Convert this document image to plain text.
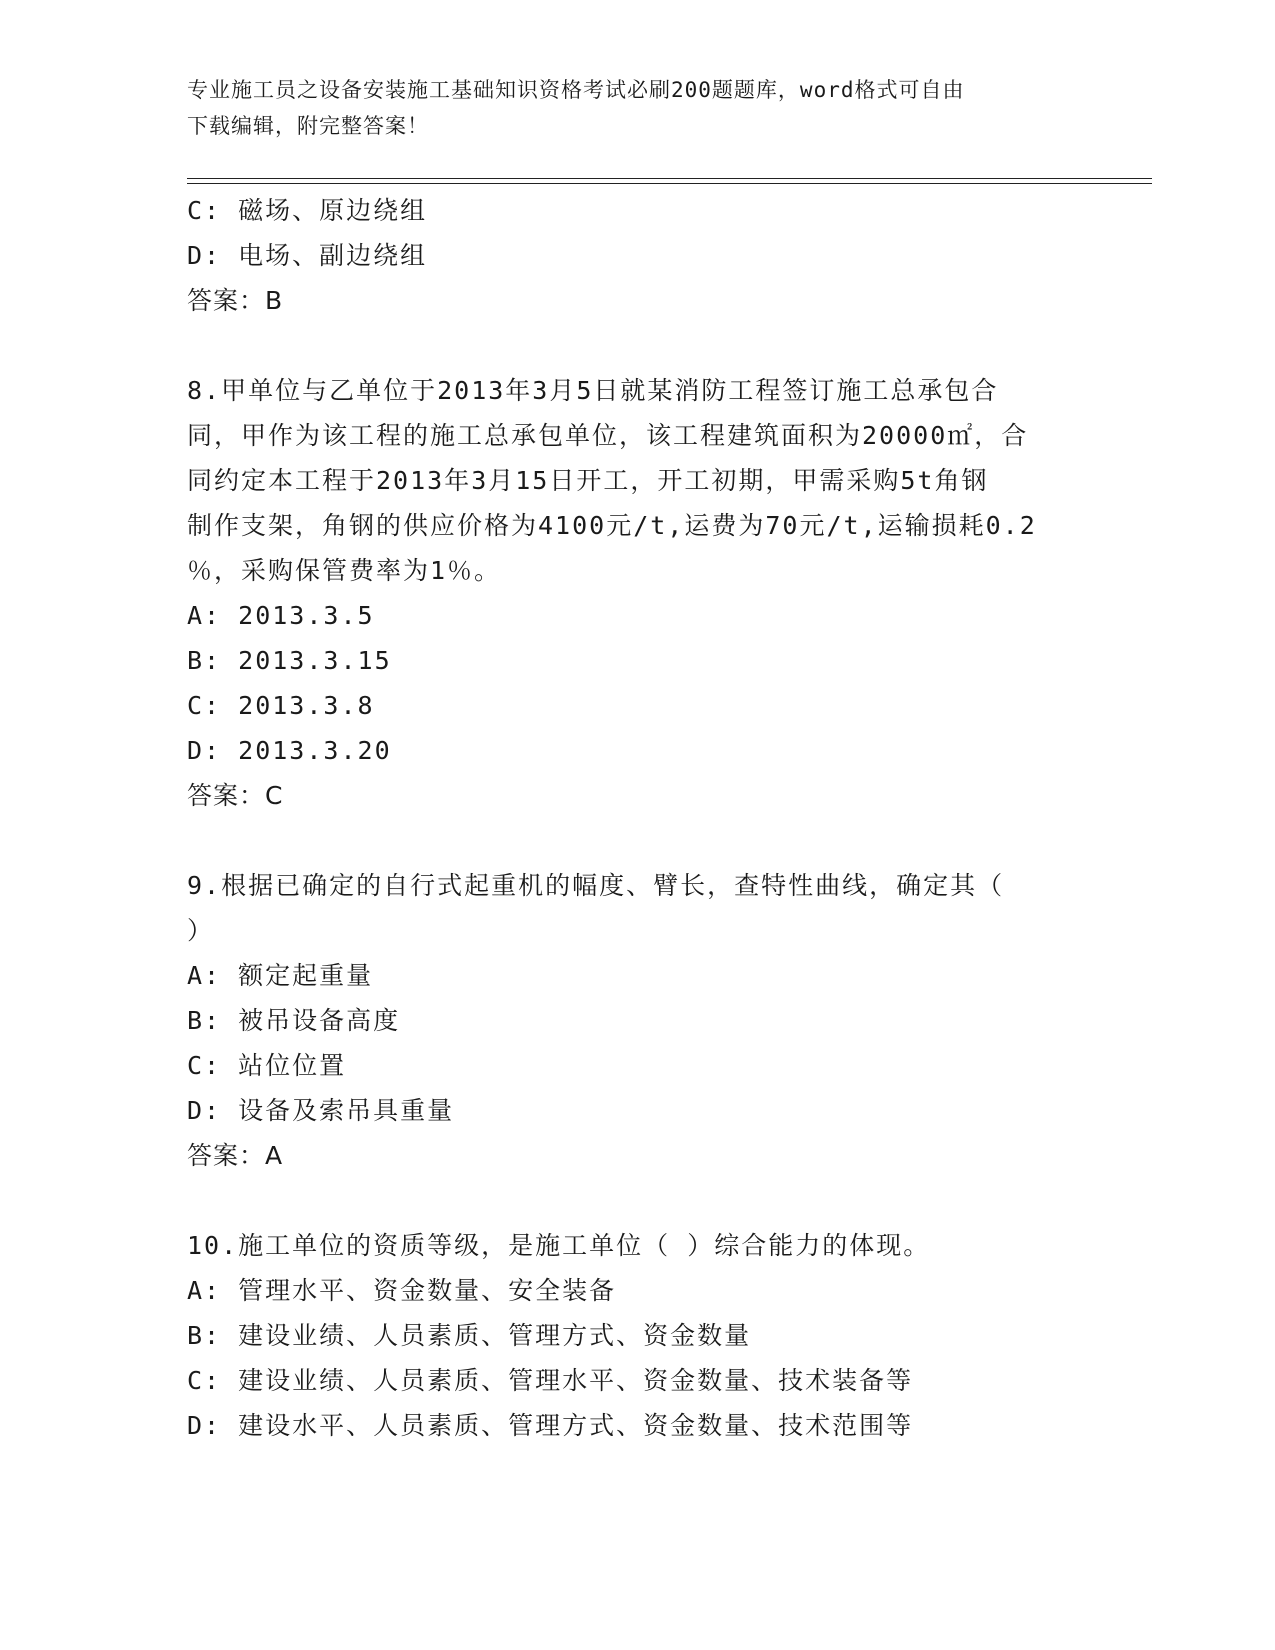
专业施工员之设备安装施工基础知识资格考试必刷200题题库，word格式可自由
下载编辑，附完整答案！
C: 磁场、原边绕组
D: 电场、副边绕组
答案：B
8.甲单位与乙单位于2013年3月5日就某消防工程签订施工总承包合
同，甲作为该工程的施工总承包单位，该工程建筑面积为20000㎡，合
同约定本工程于2013年3月15日开工，开工初期，甲需采购5t角钢
制作支架，角钢的供应价格为4100元/t,运费为70元/t,运输损耗0.2
％，采购保管费率为1％。
A: 2013.3.5
B: 2013.3.15
C: 2013.3.8
D: 2013.3.20
答案：C
9.根据已确定的自行式起重机的幅度、臂长，查特性曲线，确定其（
）
A: 额定起重量
B: 被吊设备高度
C: 站位位置
D: 设备及索吊具重量
答案：A
10.施工单位的资质等级，是施工单位（ ）综合能力的体现。
A: 管理水平、资金数量、安全装备
B: 建设业绩、人员素质、管理方式、资金数量
C: 建设业绩、人员素质、管理水平、资金数量、技术装备等
D: 建设水平、人员素质、管理方式、资金数量、技术范围等
